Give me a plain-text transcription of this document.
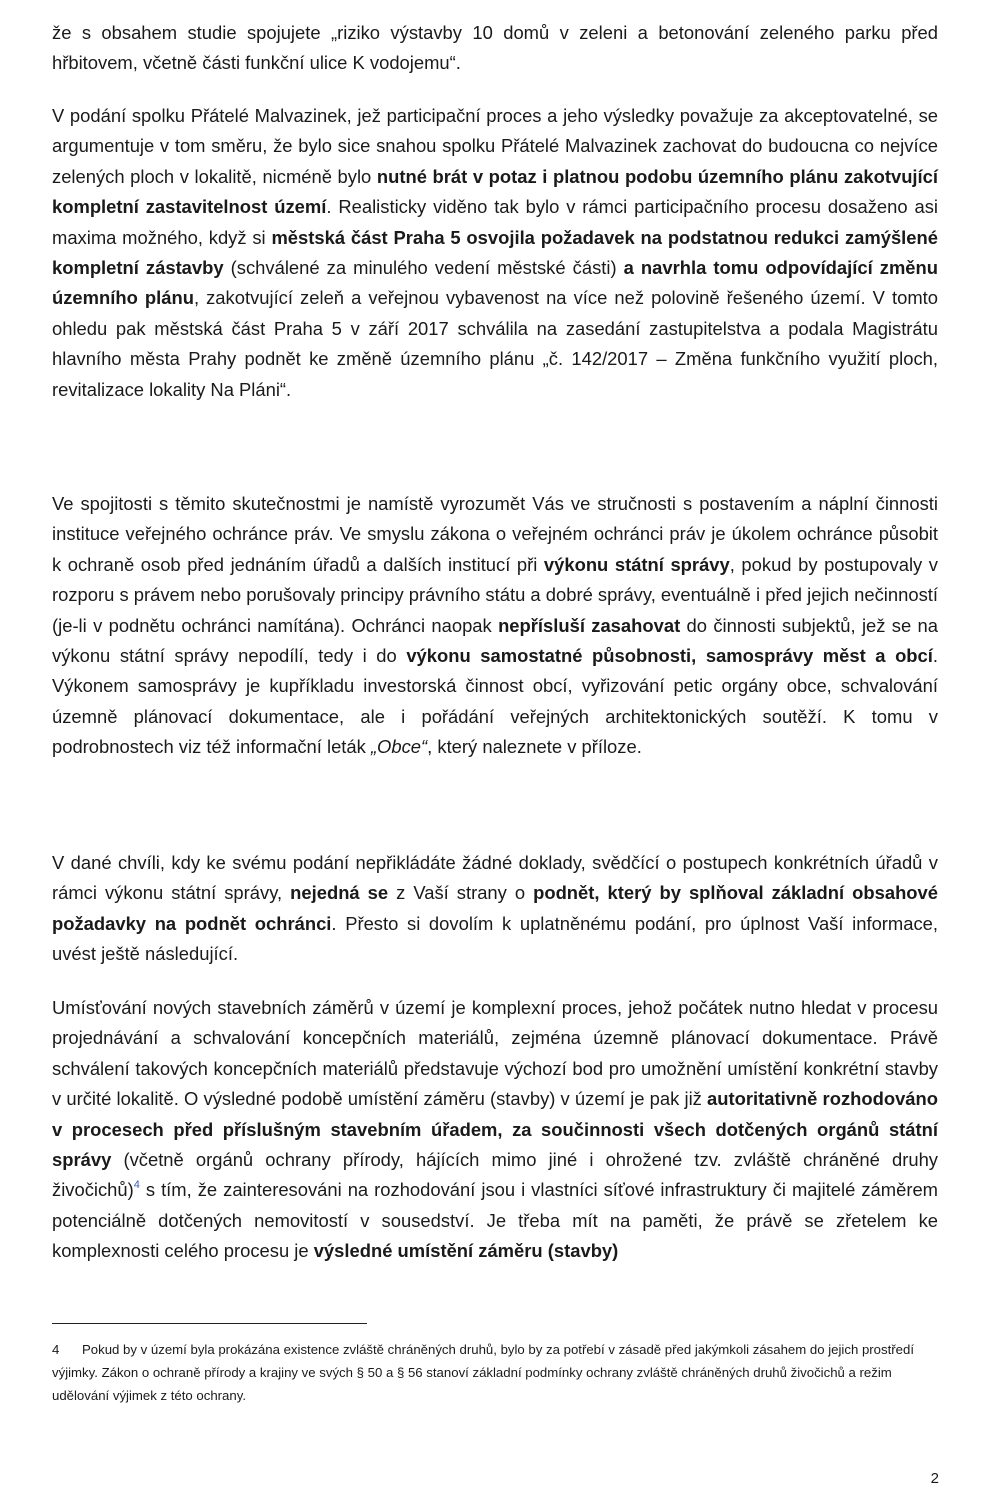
že s obsahem studie spojujete „riziko výstavby 10 domů v zeleni a betonování zeleného parku před hřbitovem, včetně části funkční ulice K vodojemu“.

V podání spolku Přátelé Malvazinek, jež participační proces a jeho výsledky považuje za akceptovatelné, se argumentuje v tom směru, že bylo sice snahou spolku Přátelé Malvazinek zachovat do budoucna co nejvíce zelených ploch v lokalitě, nicméně bylo nutné brát v potaz i platnou podobu územního plánu zakotvující kompletní zastavitelnost území. Realisticky viděno tak bylo v rámci participačního procesu dosaženo asi maxima možného, když si městská část Praha 5 osvojila požadavek na podstatnou redukci zamýšlené kompletní zástavby (schválené za minulého vedení městské části) a navrhla tomu odpovídající změnu územního plánu, zakotvující zeleň a veřejnou vybavenost na více než polovině řešeného území. V tomto ohledu pak městská část Praha 5 v září 2017 schválila na zasedání zastupitelstva a podala Magistrátu hlavního města Prahy podnět ke změně územního plánu „č. 142/2017 – Změna funkčního využití ploch, revitalizace lokality Na Pláni“.

Ve spojitosti s těmito skutečnostmi je namístě vyrozumět Vás ve stručnosti s postavením a náplní činnosti instituce veřejného ochránce práv. Ve smyslu zákona o veřejném ochránci práv je úkolem ochránce působit k ochraně osob před jednáním úřadů a dalších institucí při výkonu státní správy, pokud by postupovaly v rozporu s právem nebo porušovaly principy právního státu a dobré správy, eventuálně i před jejich nečinností (je-li v podnětu ochránci namítána). Ochránci naopak nepřísluší zasahovat do činnosti subjektů, jež se na výkonu státní správy nepodílí, tedy i do výkonu samostatné působnosti, samosprávy měst a obcí. Výkonem samosprávy je kupříkladu investorská činnost obcí, vyřizování petic orgány obce, schvalování územně plánovací dokumentace, ale i pořádání veřejných architektonických soutěží. K tomu v podrobnostech viz též informační leták „Obce“, který naleznete v příloze.

V dané chvíli, kdy ke svému podání nepřikládáte žádné doklady, svědčící o postupech konkrétních úřadů v rámci výkonu státní správy, nejedná se z Vaší strany o podnět, který by splňoval základní obsahové požadavky na podnět ochránci. Přesto si dovolím k uplatněnému podání, pro úplnost Vaší informace, uvést ještě následující.

Umísťování nových stavebních záměrů v území je komplexní proces, jehož počátek nutno hledat v procesu projednávání a schvalování koncepčních materiálů, zejména územně plánovací dokumentace. Právě schválení takových koncepčních materiálů představuje výchozí bod pro umožnění umístění konkrétní stavby v určité lokalitě. O výsledné podobě umístění záměru (stavby) v území je pak již autoritativně rozhodováno v procesech před příslušným stavebním úřadem, za součinnosti všech dotčených orgánů státní správy (včetně orgánů ochrany přírody, hájících mimo jiné i ohrožené tzv. zvláště chráněné druhy živočichů)$^4$ s tím, že zainteresováni na rozhodování jsou i vlastníci síťové infrastruktury či majitelé záměrem potenciálně dotčených nemovitostí v sousedství. Je třeba mít na paměti, že právě se zřetelem ke komplexnosti celého procesu je výsledné umístění záměru (stavby)

4 Pokud by v území byla prokázána existence zvláště chráněných druhů, bylo by za potřebí v zásadě před jakýmkoli zásahem do jejich prostředí výjimky. Zákon o ochraně přírody a krajiny ve svých § 50 a § 56 stanoví základní podmínky ochrany zvláště chráněných druhů živočichů a režim udělování výjimek z této ochrany.

2
